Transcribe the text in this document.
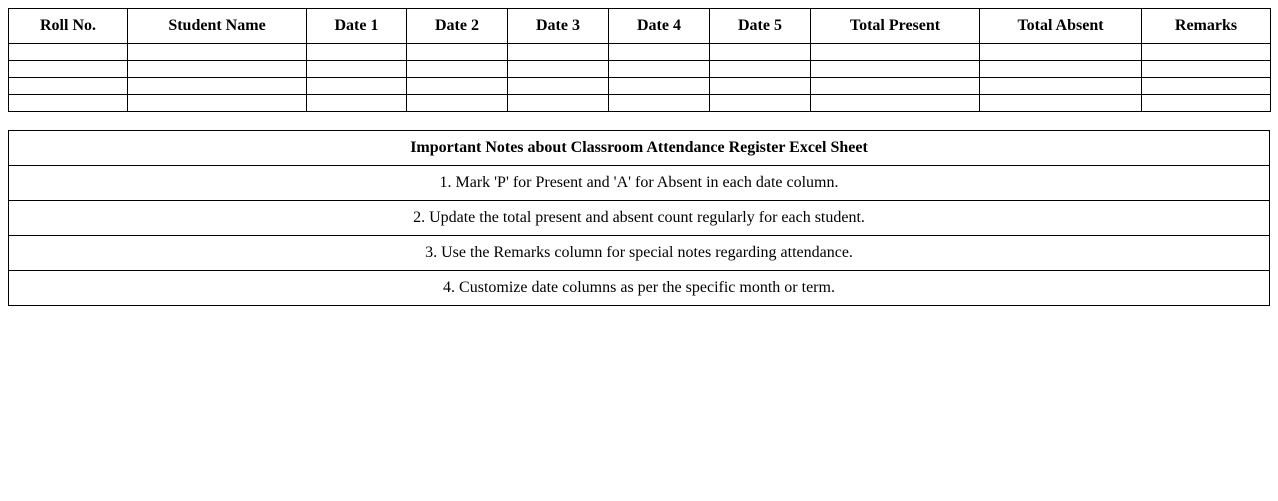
Roll No.	Student Name	Date 1	Date 2	Date 3	Date 4	Date 5	Total Present	Total Absent	Remarks

Important Notes about Classroom Attendance Register Excel Sheet
1. Mark 'P' for Present and 'A' for Absent in each date column.
2. Update the total present and absent count regularly for each student.
3. Use the Remarks column for special notes regarding attendance.
4. Customize date columns as per the specific month or term.
